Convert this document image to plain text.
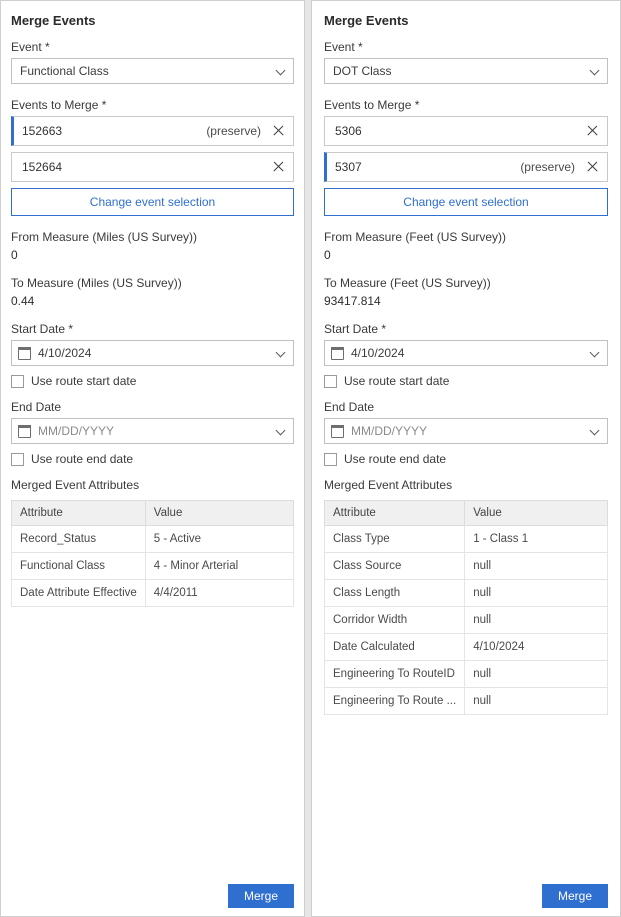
Merge Events
Event *
Functional Class
Events to Merge *
152663	(preserve)
152664
Change event selection
From Measure (Miles (US Survey))
0
To Measure (Miles (US Survey))
0.44
Start Date *
4/10/2024
Use route start date
End Date
MM/DD/YYYY
Use route end date
Merged Event Attributes
Attribute	Value
Record_Status	5 - Active
Functional Class	4 - Minor Arterial
Date Attribute Effective	4/4/2011
Merge
Merge Events
Event *
DOT Class
Events to Merge *
5306
5307	(preserve)
Change event selection
From Measure (Feet (US Survey))
0
To Measure (Feet (US Survey))
93417.814
Start Date *
4/10/2024
Use route start date
End Date
MM/DD/YYYY
Use route end date
Merged Event Attributes
Attribute	Value
Class Type	1 - Class 1
Class Source	null
Class Length	null
Corridor Width	null
Date Calculated	4/10/2024
Engineering To RouteID	null
Engineering To Route ...	null
Merge
